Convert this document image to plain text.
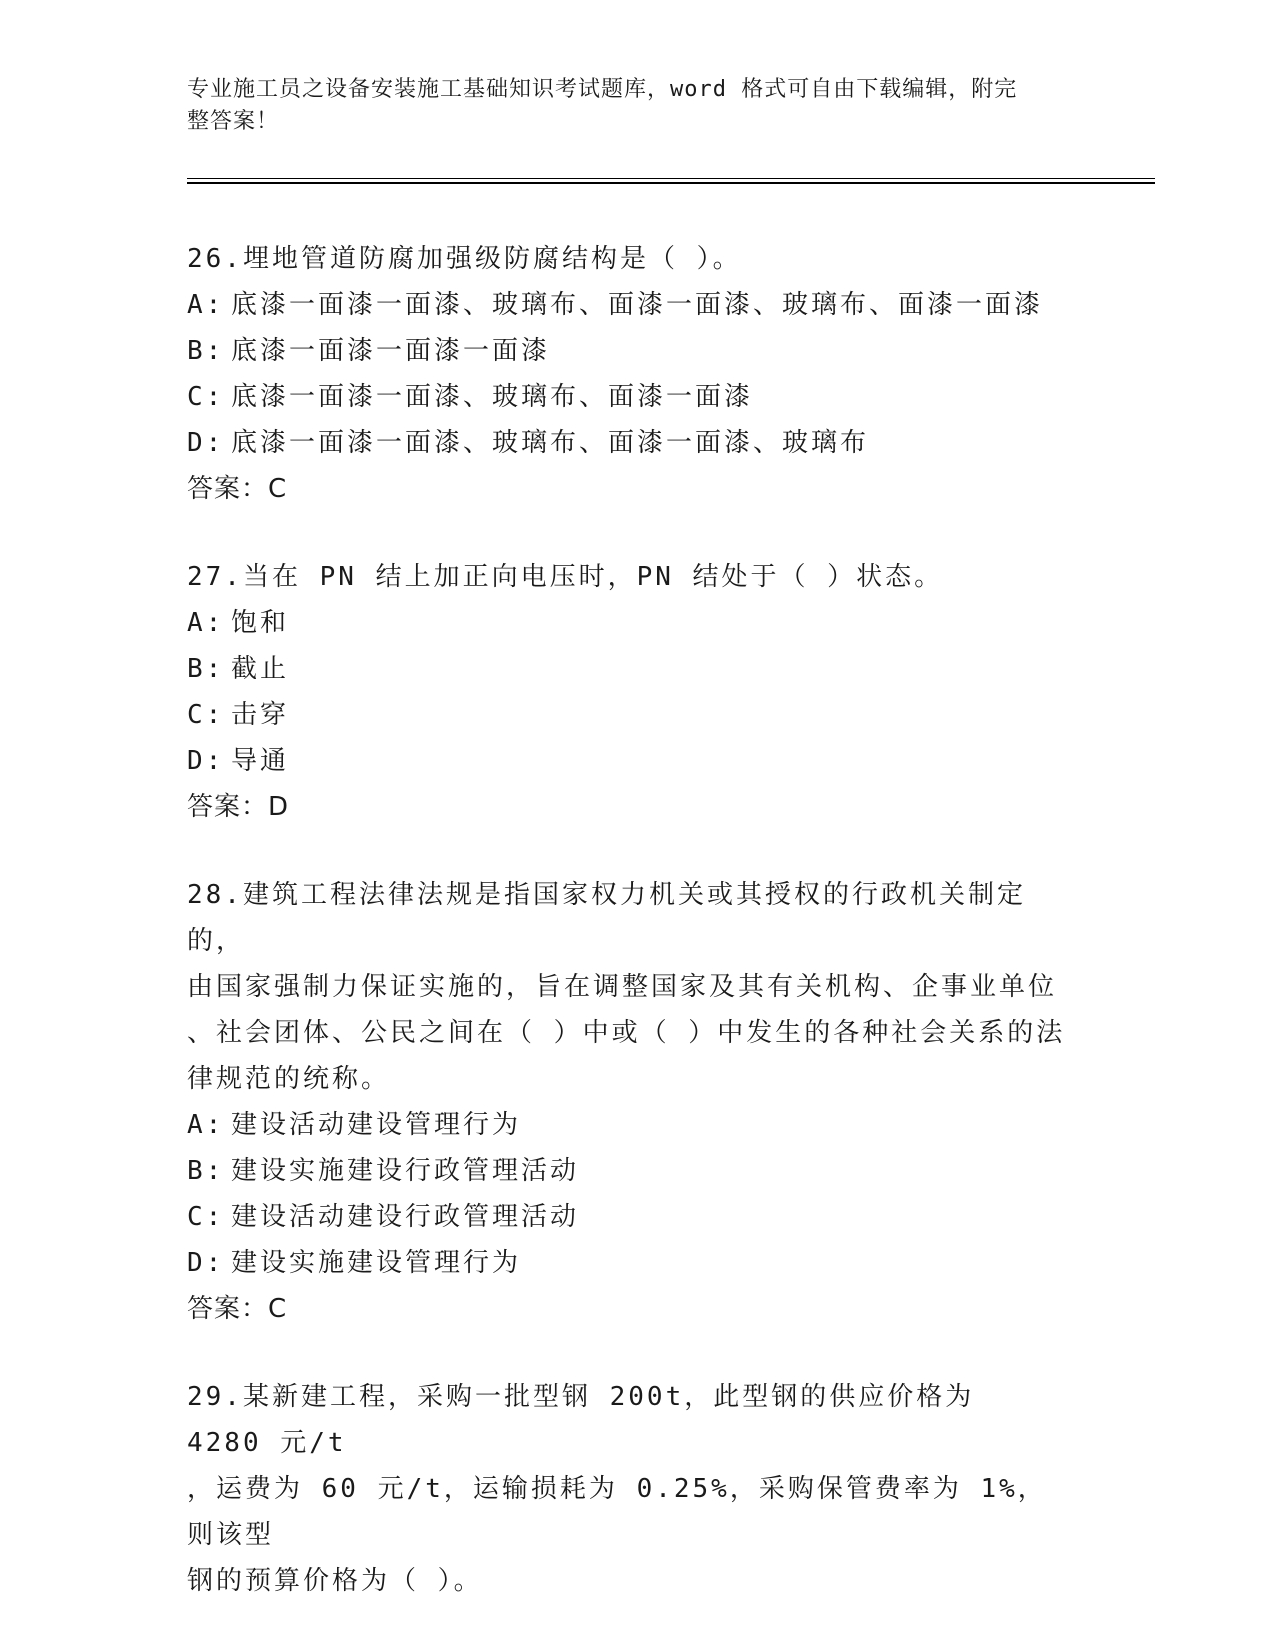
专业施工员之设备安装施工基础知识考试题库，word 格式可自由下载编辑，附完
整答案！
26.埋地管道防腐加强级防腐结构是（ ）。
A: 底漆一面漆一面漆、玻璃布、面漆一面漆、玻璃布、面漆一面漆
B: 底漆一面漆一面漆一面漆
C: 底漆一面漆一面漆、玻璃布、面漆一面漆
D: 底漆一面漆一面漆、玻璃布、面漆一面漆、玻璃布
答案：C
27.当在 PN 结上加正向电压时，PN 结处于（ ）状态。
A: 饱和
B: 截止
C: 击穿
D: 导通
答案：D
28.建筑工程法律法规是指国家权力机关或其授权的行政机关制定的，
由国家强制力保证实施的，旨在调整国家及其有关机构、企事业单位
、社会团体、公民之间在（ ）中或（ ）中发生的各种社会关系的法
律规范的统称。
A: 建设活动建设管理行为
B: 建设实施建设行政管理活动
C: 建设活动建设行政管理活动
D: 建设实施建设管理行为
答案：C
29.某新建工程，采购一批型钢 200t，此型钢的供应价格为 4280 元/t
，运费为 60 元/t，运输损耗为 0.25%，采购保管费率为 1%，则该型
钢的预算价格为（ ）。
